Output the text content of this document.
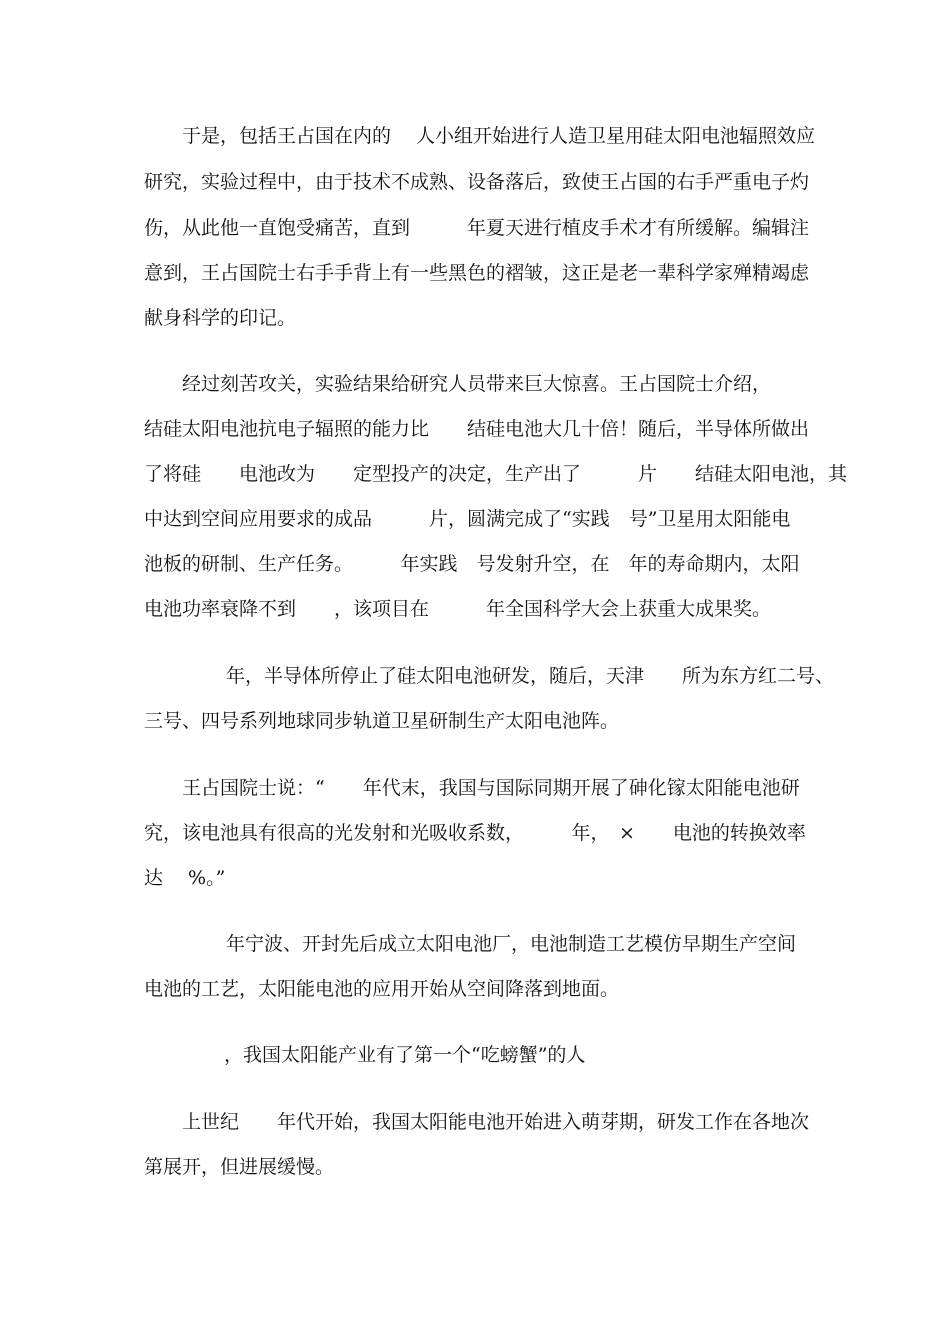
于是，包括王占国在内的　 人小组开始进行人造卫星用硅太阳电池辐照效应

研究，实验过程中，由于技术不成熟、设备落后，致使王占国的右手严重电子灼

伤，从此他一直饱受痛苦，直到　　　年夏天进行植皮手术才有所缓解。编辑注

意到，王占国院士右手手背上有一些黑色的褶皱，这正是老一辈科学家殚精竭虑

献身科学的印记。

经过刻苦攻关，实验结果给研究人员带来巨大惊喜。王占国院士介绍，

结硅太阳电池抗电子辐照的能力比　　结硅电池大几十倍！随后，半导体所做出

了将硅　　电池改为　　定型投产的决定，生产出了　　　片　　结硅太阳电池，其

中达到空间应用要求的成品　　　片，圆满完成了“实践　号”卫星用太阳能电

池板的研制、生产任务。　　　年实践　号发射升空，在　年的寿命期内，太阳

电池功率衰降不到　　，该项目在　　　年全国科学大会上获重大成果奖。

年，半导体所停止了硅太阳电池研发，随后，天津　　所为东方红二号、

三号、四号系列地球同步轨道卫星研制生产太阳电池阵。

王占国院士说：“　　年代末，我国与国际同期开展了砷化镓太阳能电池研

究，该电池具有很高的光发射和光吸收系数，　　　年，　×　　电池的转换效率

达　 %。”

年宁波、开封先后成立太阳电池厂，电池制造工艺模仿早期生产空间

电池的工艺，太阳能电池的应用开始从空间降落到地面。

，我国太阳能产业有了第一个“吃螃蟹”的人

上世纪　　年代开始，我国太阳能电池开始进入萌芽期，研发工作在各地次

第展开，但进展缓慢。
